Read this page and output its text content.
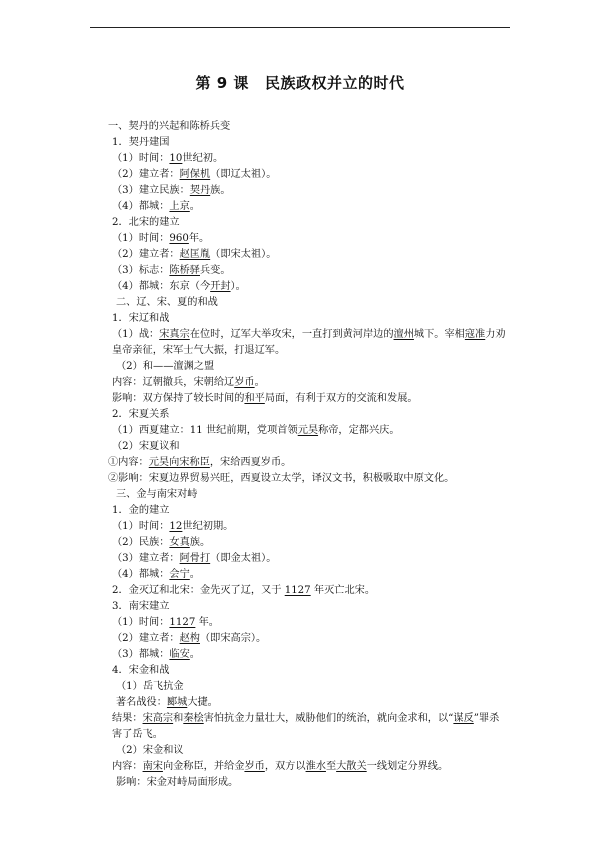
第 9 课 民族政权并立的时代
一、契丹的兴起和陈桥兵变
1．契丹建国
（1）时间：10世纪初。
（2）建立者：阿保机（即辽太祖）。
（3）建立民族：契丹族。
（4）都城：上京。
2．北宋的建立
（1）时间：960年。
（2）建立者：赵匡胤（即宋太祖）。
（3）标志：陈桥驿兵变。
（4）都城：东京（今开封）。
二、辽、宋、夏的和战
1．宋辽和战
（1）战：宋真宗在位时，辽军大举攻宋，一直打到黄河岸边的澶州城下。宰相寇准力劝皇帝亲征，宋军士气大振，打退辽军。
（2）和——澶渊之盟
内容：辽朝撤兵，宋朝给辽岁币。
影响：双方保持了较长时间的和平局面，有利于双方的交流和发展。
2．宋夏关系
（1）西夏建立：11 世纪前期，党项首领元昊称帝，定都兴庆。
（2）宋夏议和
①内容：元昊向宋称臣，宋给西夏岁币。
②影响：宋夏边界贸易兴旺，西夏设立太学，译汉文书，积极吸取中原文化。
三、金与南宋对峙
1．金的建立
（1）时间：12世纪初期。
（2）民族：女真族。
（3）建立者：阿骨打（即金太祖）。
（4）都城：会宁。
2．金灭辽和北宋：金先灭了辽，又于 1127 年灭亡北宋。
3．南宋建立
（1）时间：1127 年。
（2）建立者：赵构（即宋高宗）。
（3）都城：临安。
4．宋金和战
（1）岳飞抗金
著名战役：郾城大捷。
结果：宋高宗和秦桧害怕抗金力量壮大，威胁他们的统治，就向金求和，以“谋反”罪杀害了岳飞。
（2）宋金和议
内容：南宋向金称臣，并给金岁币，双方以淮水至大散关一线划定分界线。
影响：宋金对峙局面形成。
